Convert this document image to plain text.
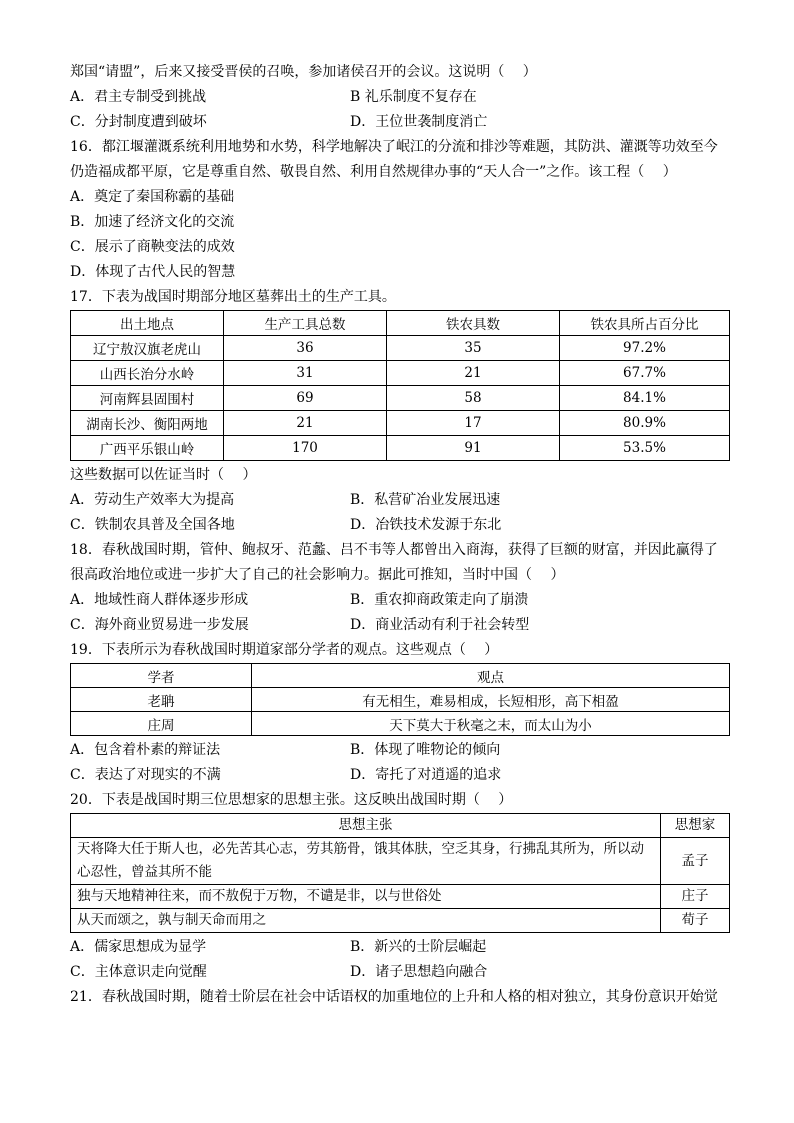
郑国“请盟”，后来又接受晋侯的召唤，参加诸侯召开的会议。这说明（　 ）
A．君主专制受到挑战	B 礼乐制度不复存在
C．分封制度遭到破坏	D．王位世袭制度消亡
16．都江堰灌溉系统利用地势和水势，科学地解决了岷江的分流和排沙等难题，其防洪、灌溉等功效至今
仍造福成都平原，它是尊重自然、敬畏自然、利用自然规律办事的“天人合一”之作。该工程（　 ）
A．奠定了秦国称霸的基础
B．加速了经济文化的交流
C．展示了商鞅变法的成效
D．体现了古代人民的智慧
17．下表为战国时期部分地区墓葬出土的生产工具。
出土地点	生产工具总数	铁农具数	铁农具所占百分比
辽宁敖汉旗老虎山	36	35	97.2%
山西长治分水岭	31	21	67.7%
河南辉县固围村	69	58	84.1%
湖南长沙、衡阳两地	21	17	80.9%
广西平乐银山岭	170	91	53.5%
这些数据可以佐证当时（　 ）
A．劳动生产效率大为提高	B．私营矿冶业发展迅速
C．铁制农具普及全国各地	D．冶铁技术发源于东北
18．春秋战国时期，管仲、鲍叔牙、范蠡、吕不韦等人都曾出入商海，获得了巨额的财富，并因此赢得了
很高政治地位或进一步扩大了自己的社会影响力。据此可推知，当时中国（　 ）
A．地域性商人群体逐步形成	B．重农抑商政策走向了崩溃
C．海外商业贸易进一步发展	D．商业活动有利于社会转型
19．下表所示为春秋战国时期道家部分学者的观点。这些观点（　 ）
学者	观点
老聃	有无相生，难易相成，长短相形，高下相盈
庄周	天下莫大于秋毫之末，而太山为小
A．包含着朴素的辩证法	B．体现了唯物论的倾向
C．表达了对现实的不满	D．寄托了对逍遥的追求
20．下表是战国时期三位思想家的思想主张。这反映出战国时期（　 ）
思想主张	思想家

天将降大任于斯人也，必先苦其心志，劳其筋骨，饿其体肤，空乏其身，行拂乱其所为，所以动
心忍性，曾益其所不能	孟子
独与天地精神往来，而不敖倪于万物，不谴是非，以与世俗处	庄子
从天而颂之，孰与制天命而用之	荀子
A．儒家思想成为显学	B．新兴的士阶层崛起
C．主体意识走向觉醒	D．诸子思想趋向融合
21．春秋战国时期，随着士阶层在社会中话语权的加重地位的上升和人格的相对独立，其身份意识开始觉
